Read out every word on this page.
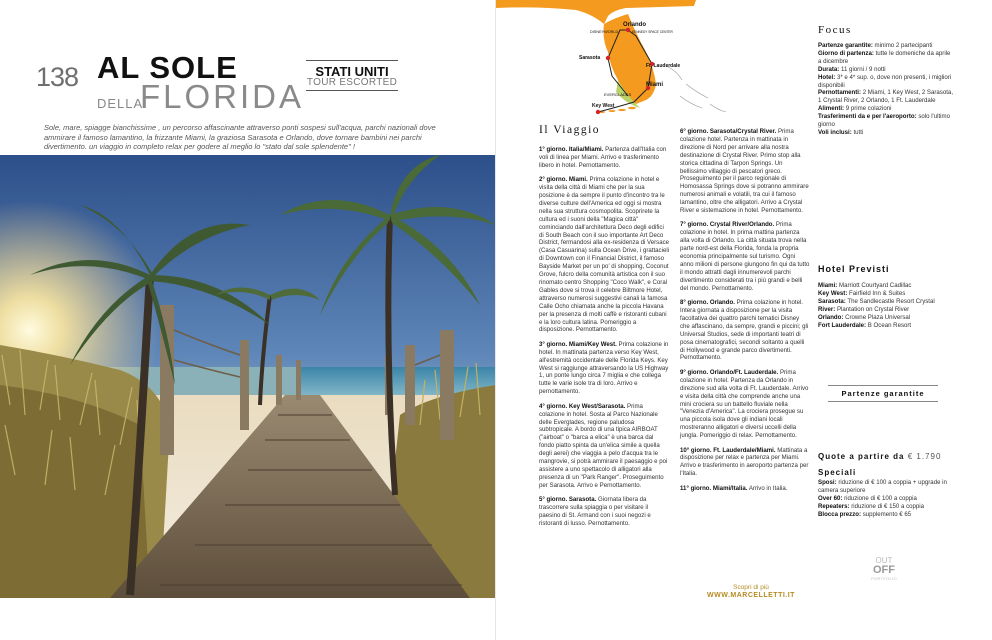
138 AL SOLE
DELLA
FLORIDA
STATI UNITI
TOUR ESCORTED
Sole, mare, spiagge bianchissime , un percorso affascinante attraverso ponti sospesi sull'acqua, parchi nazionali dove ammirare il famoso lamantino, la frizzante Miami, la graziosa Sarasota e Orlando, dove tornare bambini nei parchi divertimento. un viaggio in completo relax per godere al meglio lo "stato dal sole splendente" !
Orlando
DISNEYWORLD	KENNEDY SPACE CENTER
Sarasota
Ft. Lauderdale
Miami
EVERGLADES
Key West
Il Viaggio

1° giorno. Italia/Miami. Partenza dall'Italia con voli di linea per Miami. Arrivo e trasferimento libero in hotel. Pernottamento.

2° giorno. Miami. Prima colazione in hotel e visita della città di Miami che per la sua posizione è da sempre il punto d'incontro tra le diverse culture dell'America ed oggi si mostra nella sua struttura cosmopolita. Scoprirete la cultura ed i suoni della "Magica città" cominciando dall'architettura Deco degli edifici di South Beach con il suo importante Art Deco District, fermandosi alla ex-residenza di Versace (Casa Casuarina) sulla Ocean Drive, i grattacieli di Downtown con il Financial District, il famoso Bayside Market per un po' di shopping, Coconut Grove, fulcro della comunità artistica con il suo rinomato centro Shopping "Coco Walk", e Coral Gables dove si trova il celebre Biltmore Hotel, attraverso numerosi suggestivi canali la famosa Calle Ocho chiamata anche la piccola Havana per la presenza di molti caffè e ristoranti cubani e la loro cultura latina. Pomeriggio a disposizione. Pernottamento.

3° giorno. Miami/Key West. Prima colazione in hotel. In mattinata partenza verso Key West, all'estremità occidentale delle Florida Keys. Key West si raggiunge attraversando la US Highway 1, un ponte lungo circa 7 miglia e che collega tutte le varie isole tra di loro. Arrivo e pernottamento.

4° giorno. Key West/Sarasota. Prima colazione in hotel. Sosta al Parco Nazionale delle Everglades, regione paludosa subtropicale. A bordo di una tipica AIRBOAT ("airboat" o "barca a elica" è una barca dal fondo piatto spinta da un'elica simile a quella degli aerei) che viaggia a pelo d'acqua tra le mangrovie, si potrà ammirare il paesaggio e poi assistere a uno spettacolo di alligatori alla presenza di un "Park Ranger". Proseguimento per Sarasota. Arrivo e Pernottamento.

5° giorno. Sarasota. Giornata libera da trascorrere sulla spiaggia o per visitare il paesino di St. Armand con i suoi negozi e ristoranti di lusso. Pernottamento.

6° giorno. Sarasota/Crystal River. Prima colazione hotel. Partenza in mattinata in direzione di Nord per arrivare alla nostra destinazione di Crystal River. Primo stop alla storica cittadina di Tarpon Springs. Un bellissimo villaggio di pescatori greco. Proseguimento per il parco regionale di Homosassa Springs dove si potranno ammirare numerosi animali e volatili, tra cui il famoso lamantino, oltre che alligatori. Arrivo a Crystal River e sistemazione in hotel. Pernottamento.

7° giorno. Crystal River/Orlando. Prima colazione in hotel. In prima mattina partenza alla volta di Orlando. La città situata trova nella parte nord-est della Florida, fonda la propria economia principalmente sul turismo. Ogni anno milioni di persone giungono fin qui da tutto il mondo attratti dagli innumerevoli parchi divertimento considerati tra i più grandi e belli del mondo. Pernottamento.

8° giorno. Orlando. Prima colazione in hotel. Intera giornata a disposizione per la visita facoltativa dei quattro parchi tematici Disney che affascinano, da sempre, grandi e piccini; gli Universal Studios, sede di importanti teatri di posa cinematografici, secondi soltanto a quelli di Hollywood e grande parco divertimenti. Pernottamento.

9° giorno. Orlando/Ft. Lauderdale. Prima colazione in hotel. Partenza da Orlando in direzione sud alla volta di Ft. Lauderdale. Arrivo e visita della città che comprende anche una mini crociera su un battello fluviale nella "Venezia d'America". La crociera prosegue su una piccola isola dove gli indiani locali mostreranno alligatori e diversi uccelli della jungla. Pomeriggio di relax. Pernottamento.

10° giorno. Ft. Lauderdale/Miami. Mattinata a disposizione per relax e partenza per Miami. Arrivo e trasferimento in aeroporto partenza per l'Italia.

11° giorno. Miami/Italia. Arrivo in Italia.

Focus
Partenze garantite: minimo 2 partecipanti
Giorno di partenza: tutte le domeniche da aprile a dicembre
Durata: 11 giorni / 9 notti
Hotel: 3* e 4* sup. o, dove non presenti, i migliori disponibili
Pernottamenti: 2 Miami, 1 Key West, 2 Sarasota, 1 Crystal River, 2 Orlando, 1 Ft. Lauderdale
Alimenti: 9 prime colazioni
Trasferimenti da e per l'aeroporto: solo l'ultimo giorno
Voli inclusi: tutti
Hotel Previsti
Miami: Marriott Courtyard Cadillac
Key West: Fairfield Inn & Suites
Sarasota: The Sandlecastle Resort Crystal
River: Plantation on Crystal River
Orlando: Crowne Plaza Universal
Fort Lauderdale: B Ocean Resort
Partenze garantite
Quote a partire da € 1.790
Speciali
Sposi: riduzione di € 100 a coppia + upgrade in camera superiore
Over 60: riduzione di € 100 a coppia
Repeaters: riduzione di € 150 a coppia
Blocca prezzo: supplemento € 65
Scopri di più
WWW.MARCELLETTI.IT
OUT
OFF
PORTFOLIO
